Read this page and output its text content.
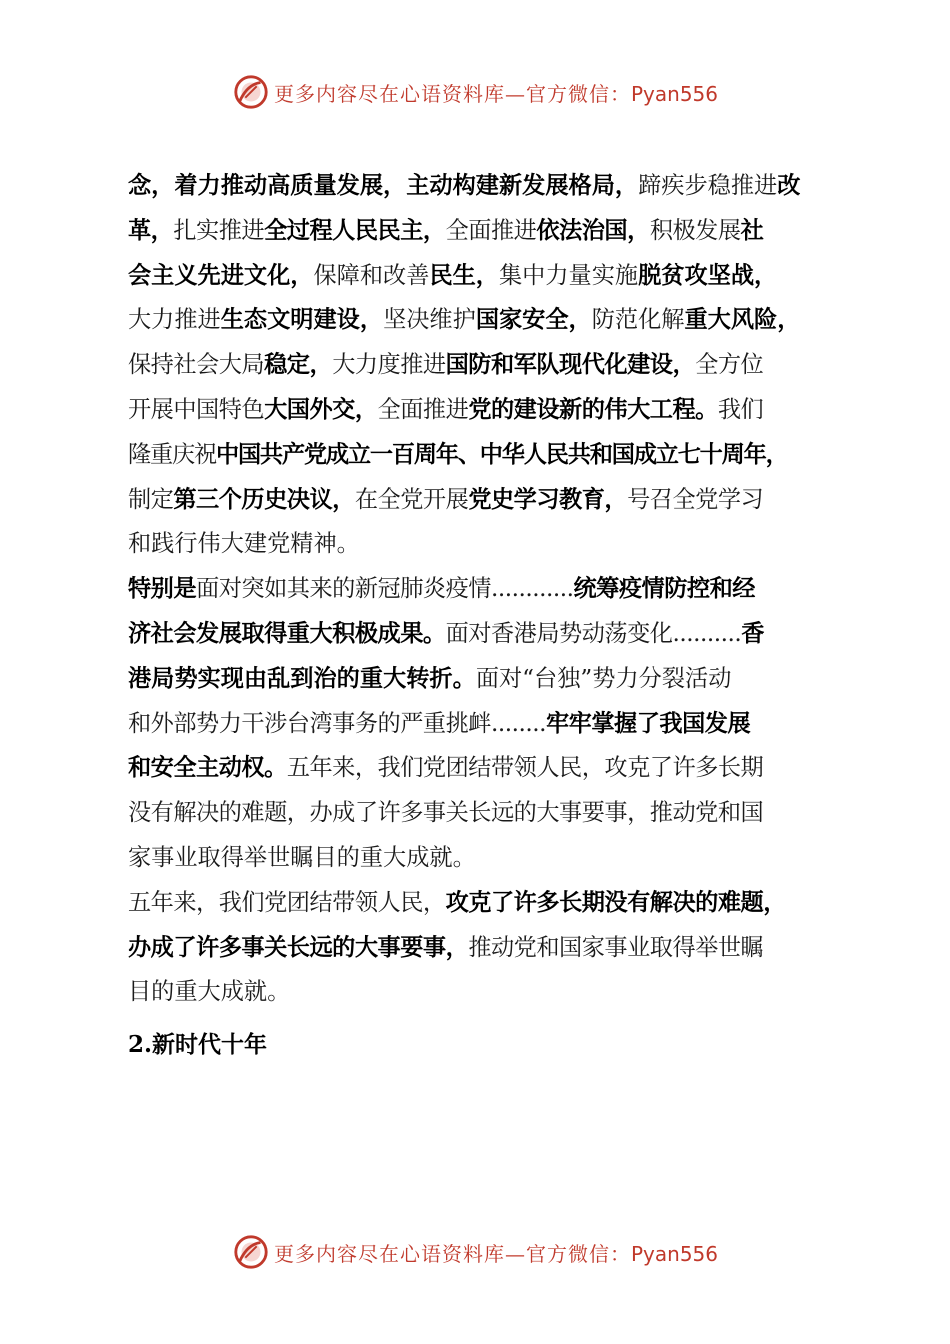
更多内容尽在心语资料库—官方微信：Pyan556
念，着力推动高质量发展，主动构建新发展格局，蹄疾步稳推进改
革，扎实推进全过程人民民主，全面推进依法治国，积极发展社
会主义先进文化，保障和改善民生，集中力量实施脱贫攻坚战，
大力推进生态文明建设，坚决维护国家安全，防范化解重大风险，
保持社会大局稳定，大力度推进国防和军队现代化建设，全方位
开展中国特色大国外交，全面推进党的建设新的伟大工程。我们
隆重庆祝中国共产党成立一百周年、中华人民共和国成立七十周年，
制定第三个历史决议，在全党开展党史学习教育，号召全党学习
和践行伟大建党精神。
特别是面对突如其来的新冠肺炎疫情............统筹疫情防控和经
济社会发展取得重大积极成果。面对香港局势动荡变化..........香
港局势实现由乱到治的重大转折。面对“台独”势力分裂活动
和外部势力干涉台湾事务的严重挑衅........牢牢掌握了我国发展
和安全主动权。五年来，我们党团结带领人民，攻克了许多长期
没有解决的难题，办成了许多事关长远的大事要事，推动党和国
家事业取得举世瞩目的重大成就。
五年来，我们党团结带领人民，攻克了许多长期没有解决的难题，
办成了许多事关长远的大事要事，推动党和国家事业取得举世瞩
目的重大成就。
2.新时代十年
更多内容尽在心语资料库—官方微信：Pyan556
